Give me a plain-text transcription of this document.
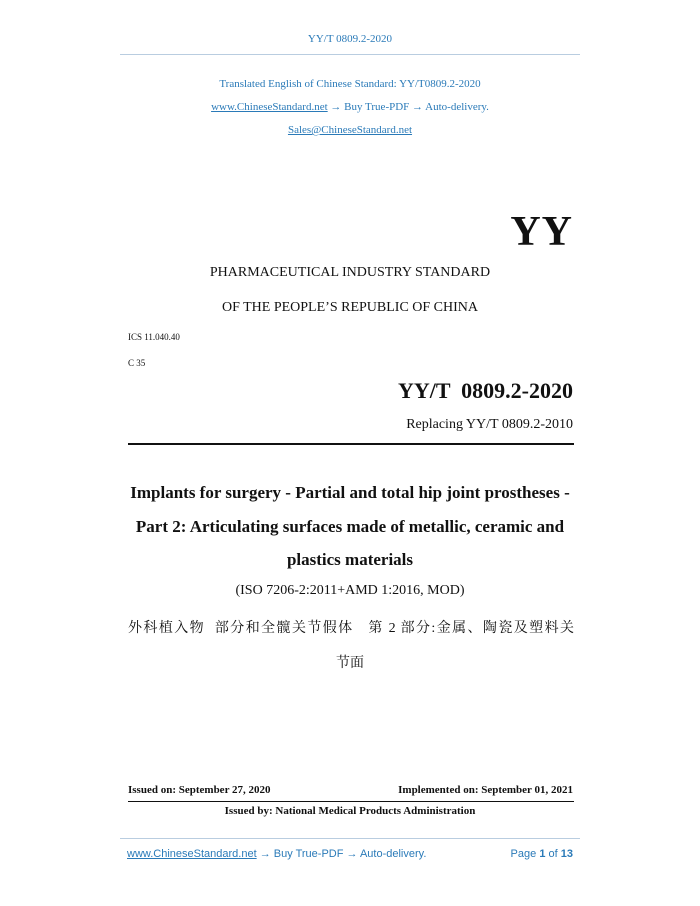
YY/T 0809.2-2020
Translated English of Chinese Standard: YY/T0809.2-2020
www.ChineseStandard.net → Buy True-PDF → Auto-delivery.
Sales@ChineseStandard.net
YY
PHARMACEUTICAL INDUSTRY STANDARD
OF THE PEOPLE’S REPUBLIC OF CHINA
ICS 11.040.40
C 35
YY/T  0809.2-2020
Replacing YY/T 0809.2-2010
Implants for surgery - Partial and total hip joint prostheses -
Part 2: Articulating surfaces made of metallic, ceramic and
plastics materials
(ISO 7206-2:2011+AMD 1:2016, MOD)
外科植入物  部分和全髋关节假体   第 2 部分:金属、陶瓷及塑料关
节面
Issued on: September 27, 2020	Implemented on: September 01, 2021
Issued by: National Medical Products Administration
www.ChineseStandard.net → Buy True-PDF → Auto-delivery.	Page 1 of 13
